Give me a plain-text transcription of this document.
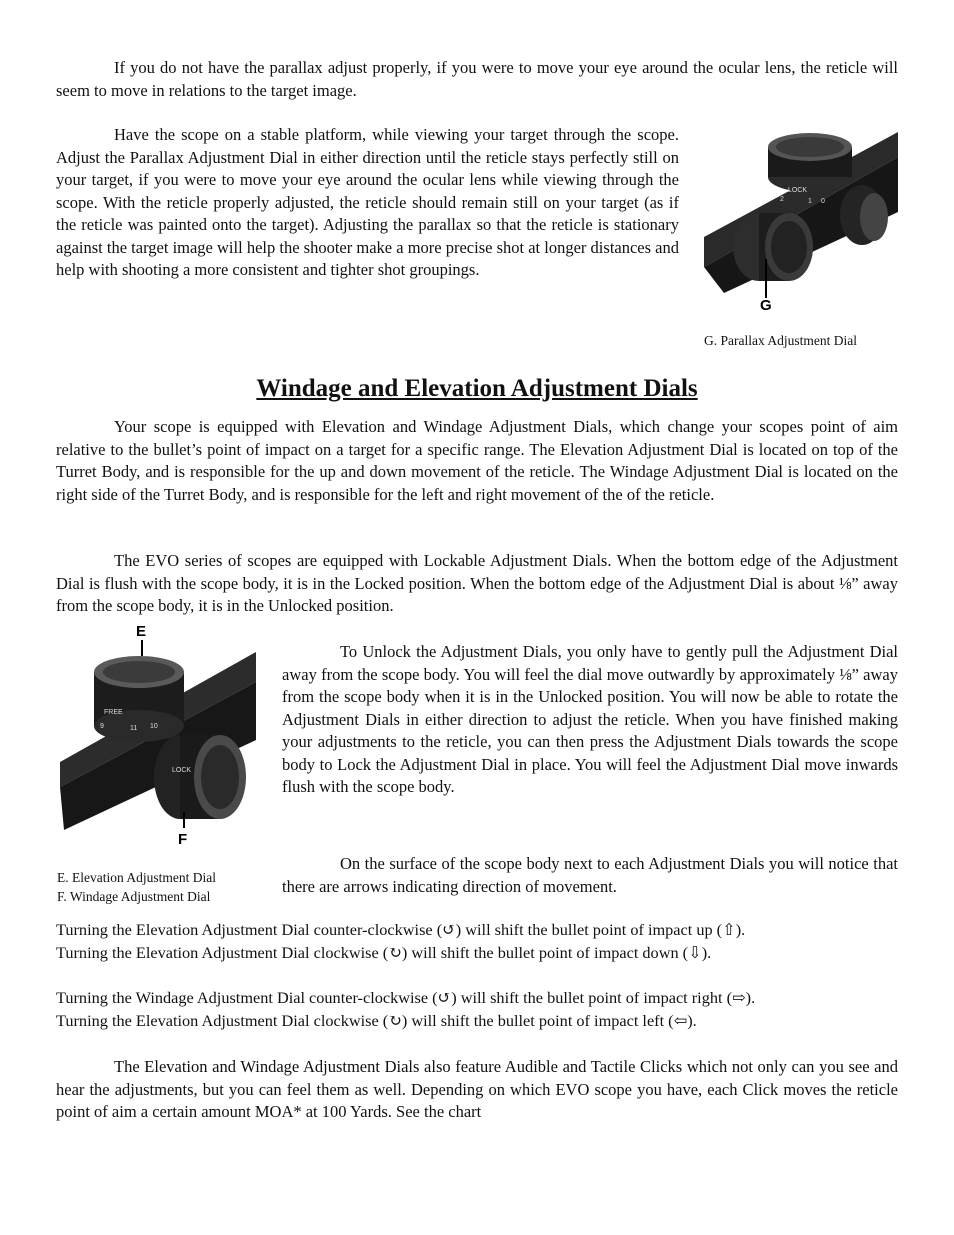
If you do not have the parallax adjust properly, if you were to move your eye around the ocular lens, the reticle will seem to move in relations to the target image.

Have the scope on a stable platform, while viewing your target through the scope. Adjust the Parallax Adjustment Dial in either direction until the reticle stays perfectly still on your target, if you were to move your eye around the ocular lens while viewing through the scope. With the reticle properly adjusted, the reticle should remain still on your target (as if the reticle was painted onto the target). Adjusting the parallax so that the reticle is stationary against the target image will help the shooter make a more precise shot at longer distances and help with shooting a more consistent and tighter shot groupings.

LOCK
2	1 0
G
G. Parallax Adjustment Dial
Windage and Elevation Adjustment Dials

Your scope is equipped with Elevation and Windage Adjustment Dials, which change your scopes point of aim relative to the bullet’s point of impact on a target for a specific range. The Elevation Adjustment Dial is located on top of the Turret Body, and is responsible for the up and down movement of the reticle. The Windage Adjustment Dial is located on the right side of the Turret Body, and is responsible for the left and right movement of the of the reticle.

The EVO series of scopes are equipped with Lockable Adjustment Dials. When the bottom edge of the Adjustment Dial is flush with the scope body, it is in the Locked position. When the bottom edge of the Adjustment Dial is about ⅛” away from the scope body, it is in the Unlocked position.

FREE
9	11 10
LOCK
E
F
E. Elevation Adjustment Dial
F. Windage Adjustment Dial

To Unlock the Adjustment Dials, you only have to gently pull the Adjustment Dial away from the scope body. You will feel the dial move outwardly by approximately ⅛” away from the scope body when it is in the Unlocked position. You will now be able to rotate the Adjustment Dials in either direction to adjust the reticle. When you have finished making your adjustments to the reticle, you can then press the Adjustment Dials towards the scope body to Lock the Adjustment Dial in place. You will feel the Adjustment Dial move inwards flush with the scope body.

On the surface of the scope body next to each Adjustment Dials you will notice that there are arrows indicating direction of movement.

Turning the Elevation Adjustment Dial counter-clockwise (↺) will shift the bullet point of impact up (⇧).
Turning the Elevation Adjustment Dial clockwise (↻) will shift the bullet point of impact down (⇩).
Turning the Windage Adjustment Dial counter-clockwise (↺) will shift the bullet point of impact right (⇨).
Turning the Elevation Adjustment Dial clockwise (↻) will shift the bullet point of impact left (⇦).

The Elevation and Windage Adjustment Dials also feature Audible and Tactile Clicks which not only can you see and hear the adjustments, but you can feel them as well. Depending on which EVO scope you have, each Click moves the reticle point of aim a certain amount MOA* at 100 Yards. See the chart
